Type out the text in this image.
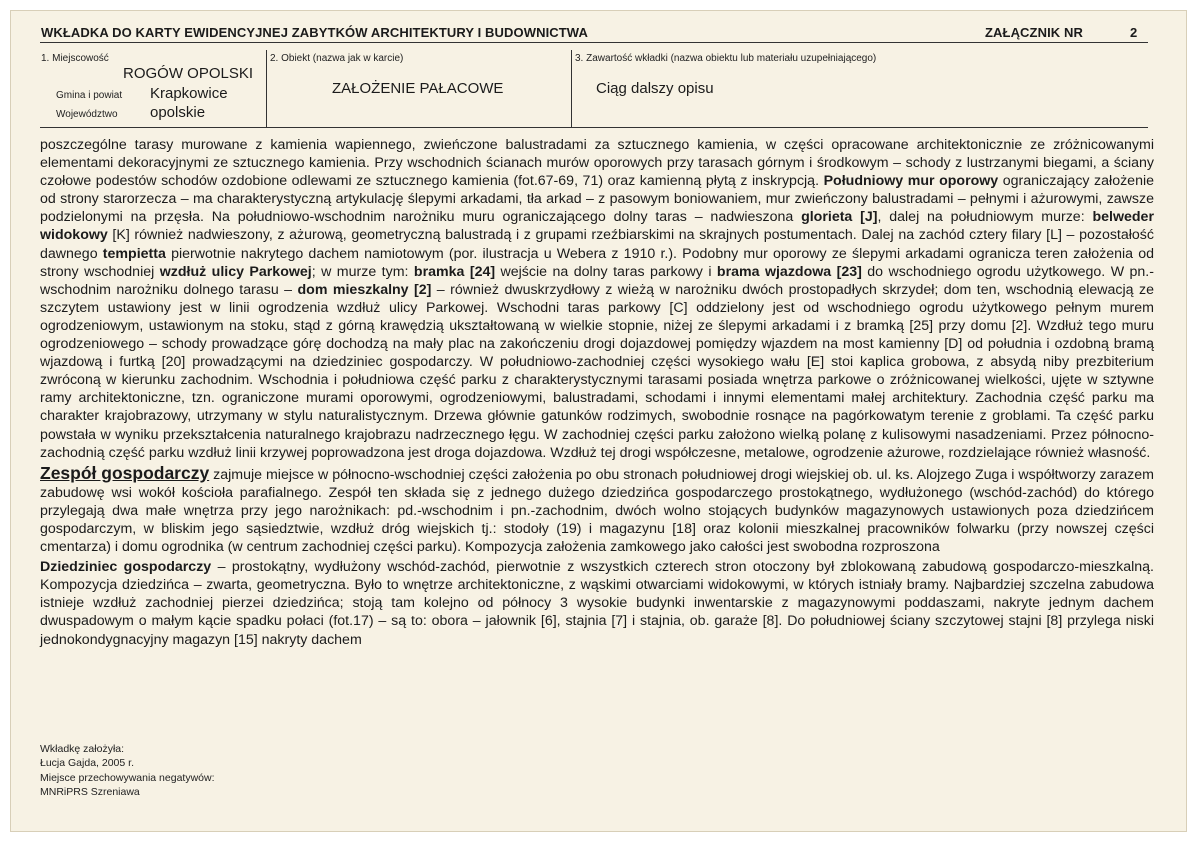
WKŁADKA DO KARTY EWIDENCYJNEJ ZABYTKÓW ARCHITEKTURY I BUDOWNICTWA	ZAŁĄCZNIK NR	2
1. Miejscowość
ROGÓW OPOLSKI
Gmina i powiat Krapkowice
Województwo opolskie
2. Obiekt (nazwa jak w karcie)
ZAŁOŻENIE PAŁACOWE
3. Zawartość wkładki (nazwa obiektu lub materiału uzupełniającego)
Ciąg dalszy opisu

poszczególne tarasy murowane z kamienia wapiennego, zwieńczone balustradami za sztucznego kamienia, w części opracowane architektonicznie ze zróżnicowanymi elementami dekoracyjnymi ze sztucznego kamienia. Przy wschodnich ścianach murów oporowych przy tarasach górnym i środkowym – schody z lustrzanymi biegami, a ściany czołowe podestów schodów ozdobione odlewami ze sztucznego kamienia (fot.67-69, 71) oraz kamienną płytą z inskrypcją. Południowy mur oporowy ograniczający założenie od strony starorzecza – ma charakterystyczną artykulację ślepymi arkadami, tła arkad – z pasowym boniowaniem, mur zwieńczony balustradami – pełnymi i ażurowymi, zawsze podzielonymi na przęsła. Na południowo-wschodnim narożniku muru ograniczającego dolny taras – nadwieszona glorieta [J], dalej na południowym murze: belweder widokowy [K] również nadwieszony, z ażurową, geometryczną balustradą i z grupami rzeźbiarskimi na skrajnych postumentach. Dalej na zachód cztery filary [L] – pozostałość dawnego tempietta pierwotnie nakrytego dachem namiotowym (por. ilustracja u Webera z 1910 r.). Podobny mur oporowy ze ślepymi arkadami ogranicza teren założenia od strony wschodniej wzdłuż ulicy Parkowej; w murze tym: bramka [24] wejście na dolny taras parkowy i brama wjazdowa [23] do wschodniego ogrodu użytkowego. W pn.-wschodnim narożniku dolnego tarasu – dom mieszkalny [2] – również dwuskrzydłowy z wieżą w narożniku dwóch prostopadłych skrzydeł; dom ten, wschodnią elewacją ze szczytem ustawiony jest w linii ogrodzenia wzdłuż ulicy Parkowej. Wschodni taras parkowy [C] oddzielony jest od wschodniego ogrodu użytkowego pełnym murem ogrodzeniowym, ustawionym na stoku, stąd z górną krawędzią ukształtowaną w wielkie stopnie, niżej ze ślepymi arkadami i z bramką [25] przy domu [2]. Wzdłuż tego muru ogrodzeniowego – schody prowadzące górę dochodzą na mały plac na zakończeniu drogi dojazdowej pomiędzy wjazdem na most kamienny [D] od południa i ozdobną bramą wjazdową i furtką [20] prowadzącymi na dziedziniec gospodarczy. W południowo-zachodniej części wysokiego wału [E] stoi kaplica grobowa, z absydą niby prezbiterium zwróconą w kierunku zachodnim. Wschodnia i południowa część parku z charakterystycznymi tarasami posiada wnętrza parkowe o zróżnicowanej wielkości, ujęte w sztywne ramy architektoniczne, tzn. ograniczone murami oporowymi, ogrodzeniowymi, balustradami, schodami i innymi elementami małej architektury. Zachodnia część parku ma charakter krajobrazowy, utrzymany w stylu naturalistycznym. Drzewa głównie gatunków rodzimych, swobodnie rosnące na pagórkowatym terenie z groblami. Ta część parku powstała w wyniku przekształcenia naturalnego krajobrazu nadrzecznego łęgu. W zachodniej części parku założono wielką polanę z kulisowymi nasadzeniami. Przez północno-zachodnią część parku wzdłuż linii krzywej poprowadzona jest droga dojazdowa. Wzdłuż tej drogi współczesne, metalowe, ogrodzenie ażurowe, rozdzielające również własność.

Zespół gospodarczy zajmuje miejsce w północno-wschodniej części założenia po obu stronach południowej drogi wiejskiej ob. ul. ks. Alojzego Zuga i współtworzy zarazem zabudowę wsi wokół kościoła parafialnego. Zespół ten składa się z jednego dużego dziedzińca gospodarczego prostokątnego, wydłużonego (wschód-zachód) do którego przylegają dwa małe wnętrza przy jego narożnikach: pd.-wschodnim i pn.-zachodnim, dwóch wolno stojących budynków magazynowych ustawionych poza dziedzińcem gospodarczym, w bliskim jego sąsiedztwie, wzdłuż dróg wiejskich tj.: stodoły (19) i magazynu [18] oraz kolonii mieszkalnej pracowników folwarku (przy nowszej części cmentarza) i domu ogrodnika (w centrum zachodniej części parku). Kompozycja założenia zamkowego jako całości jest swobodna rozproszona

Dziedziniec gospodarczy – prostokątny, wydłużony wschód-zachód, pierwotnie z wszystkich czterech stron otoczony był zblokowaną zabudową gospodarczo-mieszkalną. Kompozycja dziedzińca – zwarta, geometryczna. Było to wnętrze architektoniczne, z wąskimi otwarciami widokowymi, w których istniały bramy. Najbardziej szczelna zabudowa istnieje wzdłuż zachodniej pierzei dziedzińca; stoją tam kolejno od północy 3 wysokie budynki inwentarskie z magazynowymi poddaszami, nakryte jednym dachem dwuspadowym o małym kącie spadku połaci (fot.17) – są to: obora – jałownik [6], stajnia [7] i stajnia, ob. garaże [8]. Do południowej ściany szczytowej stajni [8] przylega niski jednokondygnacyjny magazyn [15] nakryty dachem

Wkładkę założyła:
Łucja Gajda, 2005 r.
Miejsce przechowywania negatywów:
MNRiPRS Szreniawa
